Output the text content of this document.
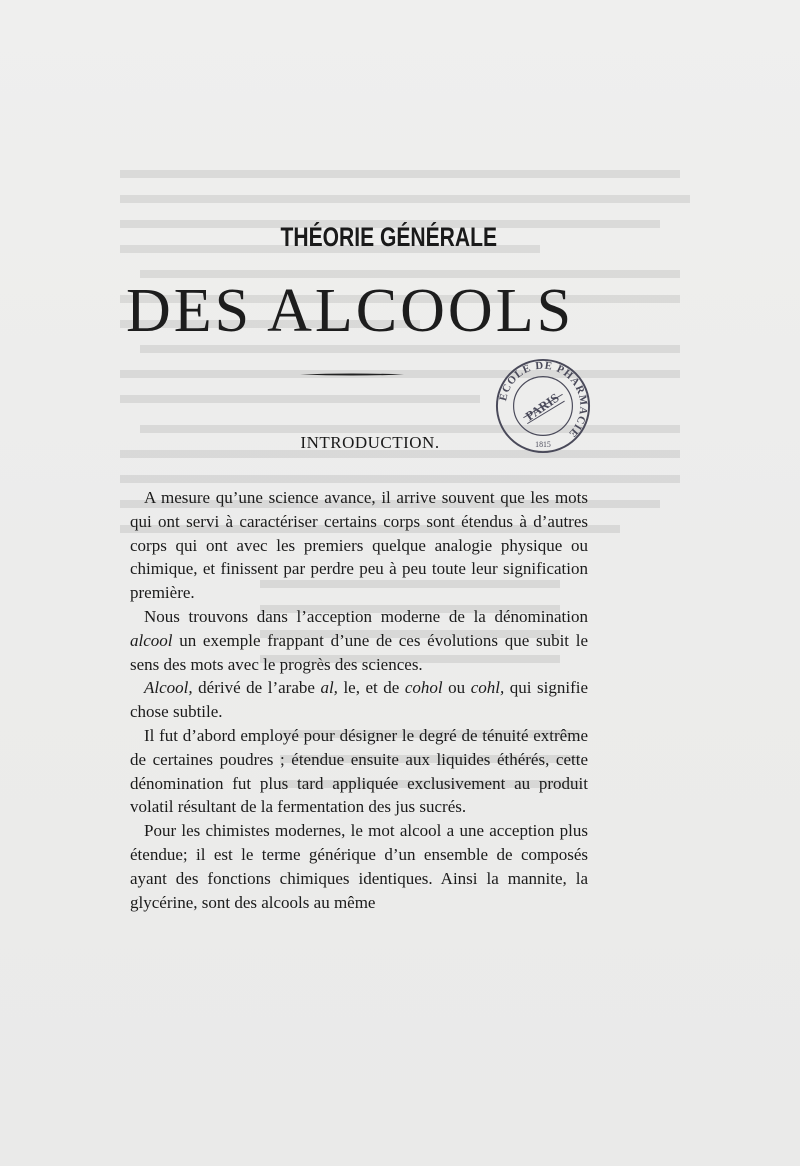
THÉORIE GÉNÉRALE
DES ALCOOLS
ÉCOLE DE PHARMACIE
PARIS
1815
INTRODUCTION.

A mesure qu’une science avance, il arrive souvent que les mots qui ont servi à caractériser certains corps sont étendus à d’autres corps qui ont avec les premiers quelque analogie physique ou chimique, et finissent par perdre peu à peu toute leur signification première.

Nous trouvons dans l’acception moderne de la dénomination alcool un exemple frappant d’une de ces évolutions que subit le sens des mots avec le progrès des sciences.

Alcool, dérivé de l’arabe al, le, et de cohol ou cohl, qui signifie chose subtile.

Il fut d’abord employé pour désigner le degré de ténuité extrême de certaines poudres ; étendue ensuite aux liquides éthérés, cette dénomination fut plus tard appliquée exclusivement au produit volatil résultant de la fermentation des jus sucrés.

Pour les chimistes modernes, le mot alcool a une acception plus étendue; il est le terme générique d’un ensemble de composés ayant des fonctions chimiques identiques. Ainsi la mannite, la glycérine, sont des alcools au même
